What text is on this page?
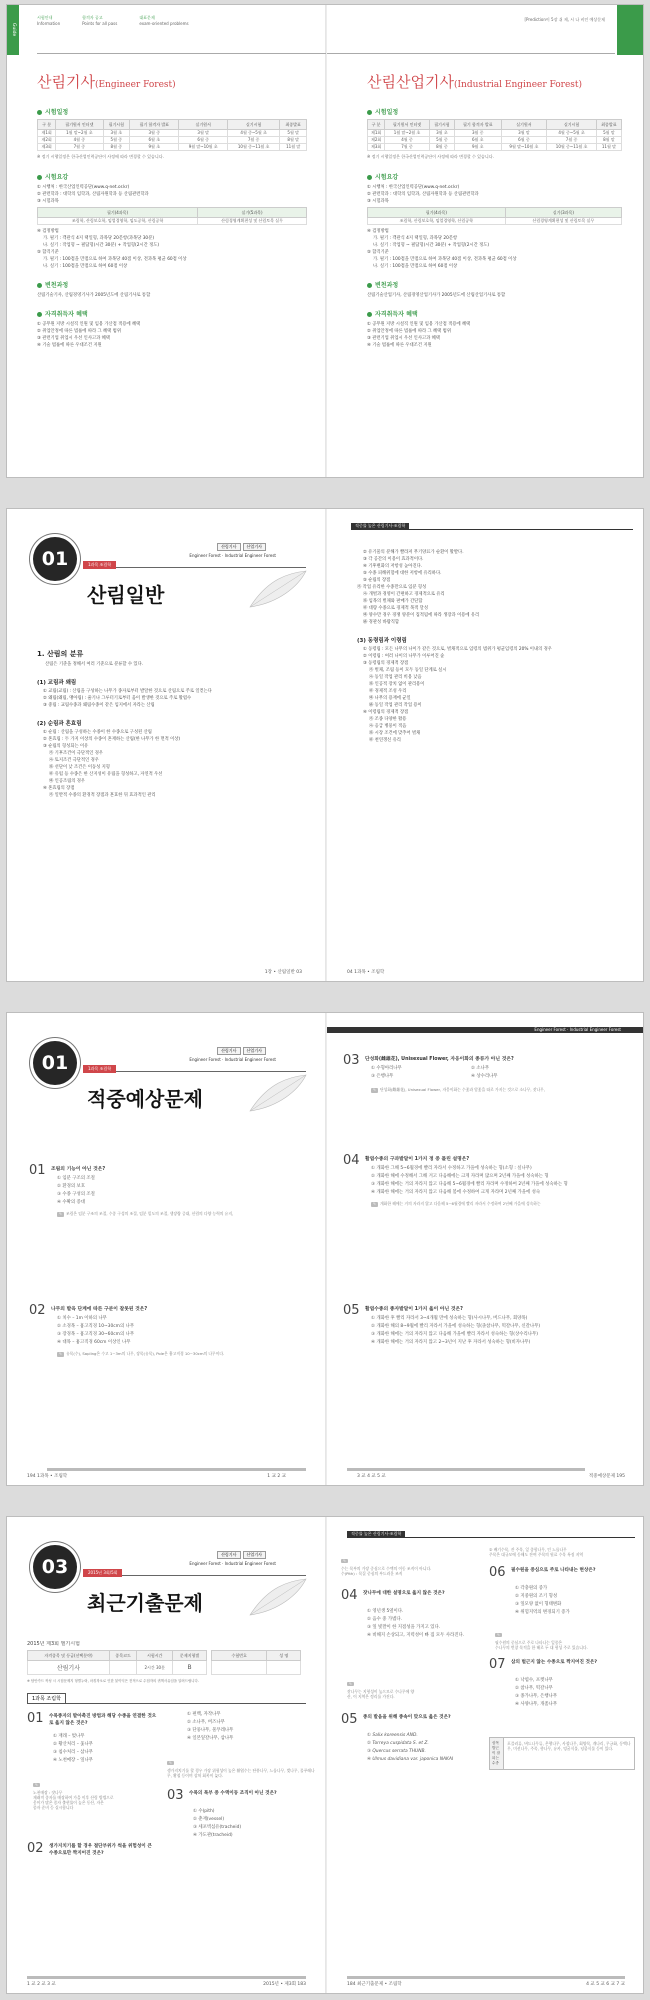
Guide
시험안내
Information
합격자 공고
Points for all pass
대표문제
exam-oriented problems
산림기사(Engineer Forest)
시험일정
구 분	필기원서 인터넷	필기시험	필기 합격자 발표	실기원서	실기시험	최종발표
제1회	1월 말~2월 초	3월 초	3월 중	3월 말	4월 중~5월 초	5월 말
제2회	4월 중	5월 중	6월 초	6월 중	7월 중	8월 말
제3회	7월 중	8월 중	9월 초	9월 말~10월 초	10월 중~11월 초	11월 말
※ 정기 시행일정은 한국산업인력공단이 사정에 따라 변경할 수 있습니다.
시험요강
① 시행처 : 한국산업인력공단(www.q-net.or.kr)
② 관련학과 : 대학의 임학과, 산림자원학과 등 산림관련학과
③ 시험과목
필기(4과목)	실기(5과목)
조림학, 산림보호학, 임업경영학, 임도공학, 산림공학	산림경영계획편성 및 산림토목 실무
④ 검정방법
가. 필기 : 객관식 4지 택일형, 과목당 20문항(과목당 30분)
나. 실기 : 작업형 ~ 필답형(시간 30분) + 작업형(2시간 정도)
⑤ 합격기준
가. 필기 : 100점을 만점으로 하여 과목당 40점 이상, 전과목 평균 60점 이상
나. 실기 : 100점을 만점으로 하여 60점 이상
변천과정
산림기술기사, 산림경영기사가 2005년도에 산림기사로 통합
자격취득자 혜택
① 공무원 지방 시설직 인원 및 임용 가산점 적용에 혜택
② 취업안정에 따른 법률에 따라 그 혜택 범위
③ 관련기업 취업시 우선 인사고과 혜택
④ 기술 법률에 따른 우대조건 지원
[Prediction이 5장 쉬 제, 시 나 비인 예상문제
산림산업기사(Industrial Engineer Forest)
시험일정
구 분	필기원서 인터넷	필기시험	필기 합격자 발표	실기원서	실기시험	최종발표
제1회	1월 말~2월 초	3월 초	3월 중	3월 말	4월 중~5월 초	5월 말
제2회	4월 중	5월 중	6월 초	6월 중	7월 중	8월 말
제3회	7월 중	8월 중	9월 초	9월 말~10월 초	10월 중~11월 초	11월 말
※ 정기 시행일정은 한국산업인력공단이 사정에 따라 변경할 수 있습니다.
시험요강
① 시행처 : 한국산업인력공단(www.q-net.or.kr)
② 관련학과 : 대학의 임학과, 산림자원학과 등 산림관련학과
③ 시험과목
필기(4과목)	실기(3과목)
조림학, 산림보호학, 임업경영학, 산림공학	산림경영계획편성 및 산림토목 실무
④ 검정방법
가. 필기 : 객관식 4지 택일형, 과목당 20문항
나. 실기 : 작업형 ~ 필답형(시간 30분) + 작업형(2시간 정도)
⑤ 합격기준
가. 필기 : 100점을 만점으로 하여 과목당 40점 이상, 전과목 평균 60점 이상
나. 실기 : 100점을 만점으로 하여 60점 이상
변천과정
산림기술산업기사, 산림경영산업기사가 2005년도에 산림산업기사로 통합
자격취득자 혜택
① 공무원 지방 시설직 인원 및 임용 가산점 적용에 혜택
② 취업안정에 따른 법률에 따라 그 혜택 범위
③ 관련기업 취업시 우선 인사고과 혜택
④ 기술 법률에 따른 우대조건 지원
01
산림기사	산업기사
Engineer Forest · Industrial Engineer Forest
1과목 조림학
산림일반
1. 산림의 분류
산림은 기준을 정해서 여러 기준으로 분류할 수 있다.
(1) 교림과 왜림
① 교림(교림) : 산림을 구성하는 나무가 종자로부터 발달한 것으로 산림으로 주로 일컫는다
② 왜림(왜림, 맹아림) : 줄기나 그루터기로부터 움이 발생한 것으로 주로 활엽수
③ 중림 : 교림수종과 왜림수종이 같은 임지에서 자라는 산림
(2) 순림과 혼효림
① 순림 : 산림을 구성하는 수종이 한 수종으로 구성된 산림
② 혼효림 : 두 가지 이상의 수종이 혼재하는 산림(한 나무가 한 면적 이상)
③ 순림의 형성되는 이유
㉮ 기후조건이 극단적인 경우
㉯ 토지조건 극단적인 경우
㉰ 선단이 낮 조건은 이동성 지형
㉱ 유럽 등 수종은 한 산지성이 유림을 형성하고, 자연적 우선
㉲ 인공조림의 경우
④ 혼효림의 장점
㉮ 일반적 수종의 환경적 장점과 혼효한 뒤 효과적인 관리
1장 • 산림일반 03
적중률 높은 산림기사·조림학
② 유기물의 분해가 빨라져 무기양료가 순환이 활발다.
③ 각 공간의 이용이 효과적이다.
④ 기후변화의 저항성 높아진다.
⑤ 수종 피해위험에 대한 저항에 유리하다.
⑤ 순림의 장점
㉮ 작업 유리한 수종만으로 임분 형성
㉯ 개벌과 경영이 간편하고 경제적으로 유리
㉰ 임목의 벌채와 판매가 간단함
㉱ 대량 수종으로 경제적 목적 달성
㉲ 양수만 경우 경쟁 양분이 집적됨에 따라 생장과 이용에 유리
㉳ 경관성 바람직함
(3) 동령림과 이령림
① 동령림 : 모든 나무의 나이가 같은 것으로, 벌채적으로 임령의 범위가 평균임령의 20% 이내의 경우
② 이령림 : 여러 나이의 나무가 이루어진 숲
③ 동령림의 경제적 장점
㉮ 벌채, 조림 등이 모두 동일 단계로 실시
㉯ 동일 작업 관리 비용 낮음
㉰ 인공적 장치 없이 관리용이
㉱ 경제적 조성 우리
㉲ 나무의 용재에 균일
㉳ 동일 작업 관리 작업 용이
④ 이령림의 경제적 장점
㉮ 조종 다양한 활용
㉯ 응급 병풍이 적음
㉰ 시장 조건에 맞추어 벌채
㉱ 천연갱신 유리
04 1과목 • 조림학
01
산림기사	산업기사
Engineer Forest · Industrial Engineer Forest
1과목 조림학
적중예상문제
01	조림의 기능이 아닌 것은?
① 임분 구조의 조절
② 환경의 보호
③ 수종 구성의 조절
④ 수확의 증대
✎ 조림은 임분 구조의 조절, 수종 구성의 조절, 임분 밀도의 조절, 생장량 증대, 산림의 다양 능력의 유지,
02	나무의 발육 단계에 따른 구분이 잘못된 것은?
① 치수 – 1m 이하의 나무
② 소경목 – 흉고직경 10~30cm의 나무
③ 장경목 – 흉고직경 30~60cm의 나무
④ 대목 – 흉고직경 60cm 이상인 나무
✎ 유목(수), Sapling은 수고 1~3m의 나무, 장목(유목), Pole은 흉고직경 10~30cm의 나무이다.
194 1과목 • 조림학	1 교 2 교
Engineer Forest · Industrial Engineer Forest
03	단성화(雌雄花), Unisexual Flower, 자웅이화의 종류가 아닌 것은?
① 수형아리나무	② 소나무
③ 은행나무	④ 상수리나무
✎ 단성화(雌雄花), Unisexual Flower, 자웅이화는 수꽃과 암꽃을 따로 가지는 것으로 소나무, 잣나무,
04	활엽수종의 구과발달이 1가지 정 중 틀린 설명은?
① 개화한 그해 5~6월경에 빨리 자라서 수정하고 가을에 성숙하는 형(소형 : 실나무)
② 개화한 해에 수정해서 그해 겨고 다음해에는 크게 자라며 많으며 2년째 가을에 성숙하는 형
③ 개화한 해에는 거의 자라지 않고 다음해 5~6월경에 빨리 자라며 수정하여 2년째 가을에 성숙하는 형
④ 개화한 해에는 거의 자라지 않고 다음해 봄에 수정하여 크게 자라며 2년째 가을에 성숙
✎ 개화한 해에는 거의 자라지 않고 다음해 5~6월경에 빨리 자라서 수정하여 2년째 가을에 성숙하는
05	활엽수종의 종자발달이 1가지 옳이 아닌 것은?
① 개화한 후 빨리 자라서 3~4개월 만에 성숙하는 형(사시나무, 버드나무, 회양목)
② 개화한 해의 8~9월에 빨리 자라서 가을에 성숙하는 형(졸참나무, 떡갈나무, 신갈나무)
③ 개화한 해에는 거의 자라지 않고 다음해 가을에 빨리 자라서 성숙하는 형(상수리나무)
④ 개화한 해에는 거의 자라지 않고 2~3년이 지난 후 자라서 성숙하는 형(비자나무)
3 교 4 교 5 교	적중예상문제 195
03
산림기사	산업기사
Engineer Forest · Industrial Engineer Forest
2015년 3회/5회
최근기출문제
2015년 제3회 필기시험
자격종목 및 등급(선택분야)	종목코드	시험시간	문제지형별
산림기사		2시간 30분	B
수험번호	성 명

※ 답안카드 작성 시 시험문제지 형별누락, 마킹착오로 인한 불이익은 전적으로 수험자의 귀책사유임을 알려드립니다.
1과목 조림학
01 수목종자의 발아촉진 방법과 해당 수종을 연결한 것으로 옳지 않은 것은?
① 재래 – 벚나무
② 황산처리 – 옻나무
③ 침수처리 – 삼나무
④ 노천매장 – 잎나무
✎
노천매장 : 잣나무
재래적 종자를 매장하여 가을 이후 산림 방법으로
옹이가 많은 종자 출현률이 높은 동산, 자은
종자 준비 등 실시합니다
02 생가지치기를 할 경우 절단부위가 썩을 위험성이 큰 수종으로만 짝지어진 것은?
① 편백, 자작나무
② 소나무, 버즈나무
③ 단풍나무, 물푸레나무
④ 일본잎갈나무, 삼나무
✎
생가지치기를 할 경우 가장 위험성이 높은 활엽수는 단풍나무, 느릅나무, 벚나무, 물푸레나무, 황철 등이며 상처 회복이 늦다.
03 수목의 목부 중 수액이동 조직이 아닌 것은?
① 수(pith)
② 춘재(vessel)
③ 세포벽섬유(tracheid)
④ 가도관(tracheid)
1 교 2 교 3 교	2015년 • 제3회 183
적중률 높은 산림기사·조림학
✎
수는 목부의 가장 중심으로 수액의 이동 조직이 아니다.
수(Pith) : 목질 중심의 부드러운 조직
04 잣나무에 대한 설명으로 옳지 않은 것은?
① 영년생 5옆이다.
② 음수 중 가볍다.
③ 잎 빛깔이 한 지점성을 가지고 있다.
④ 비해지 손상되고, 지력성이 빠 집 모두 사라진다.
✎
잣나무는 지형성이 높으므로 수나무에 양
산, 이 지역은 정리를 가진다.
05 종의 발음을 위해 종속이 맞으로 옳은 것은?
① Salix koreensis AND.
② Torreya cuspidata S. et Z.
③ Quercus serrata THUNB.
④ Ulmus davidiana var. japonica NAKAI
② 배기수목, 잔 주목, 잎 종합나무, 인 느릅나무
주목은 대규모에 동해도 잔여 주목의 원료 수목 특징 지역
06 필수원을 중심으로 주로 나타내는 현상은?
① 각충원의 증가
② 지중원의 조기 형성
③ 잎모양 없이 형태변화
④ 위험지역의 변경되기 증가
✎
필수원의 중심으로 주로 나타나는 잎종은
수나무의 번창 목적을 한 해로 두 대 형성 주로 있습니다.
07 삼의 벌근지 않는 수종으로 짝지어진 것은?
① 낙엽수, 포켓나무
② 참나무, 떡갈나무
③ 종가나무, 은행나무
④ 사양나무, 개좀나무
삼목 발근이 잘되는 수종
포플러류, 버드나무류, 은행나무, 사철나무, 회양목, 개나리, 무궁화, 동백나무, 미선나무, 주목, 향나무, 유카, 덩굴식물, 넝쿨식물 등이 있다.
184 최근기출문제 • 조림학	4 교 5 교 6 교 7 교
